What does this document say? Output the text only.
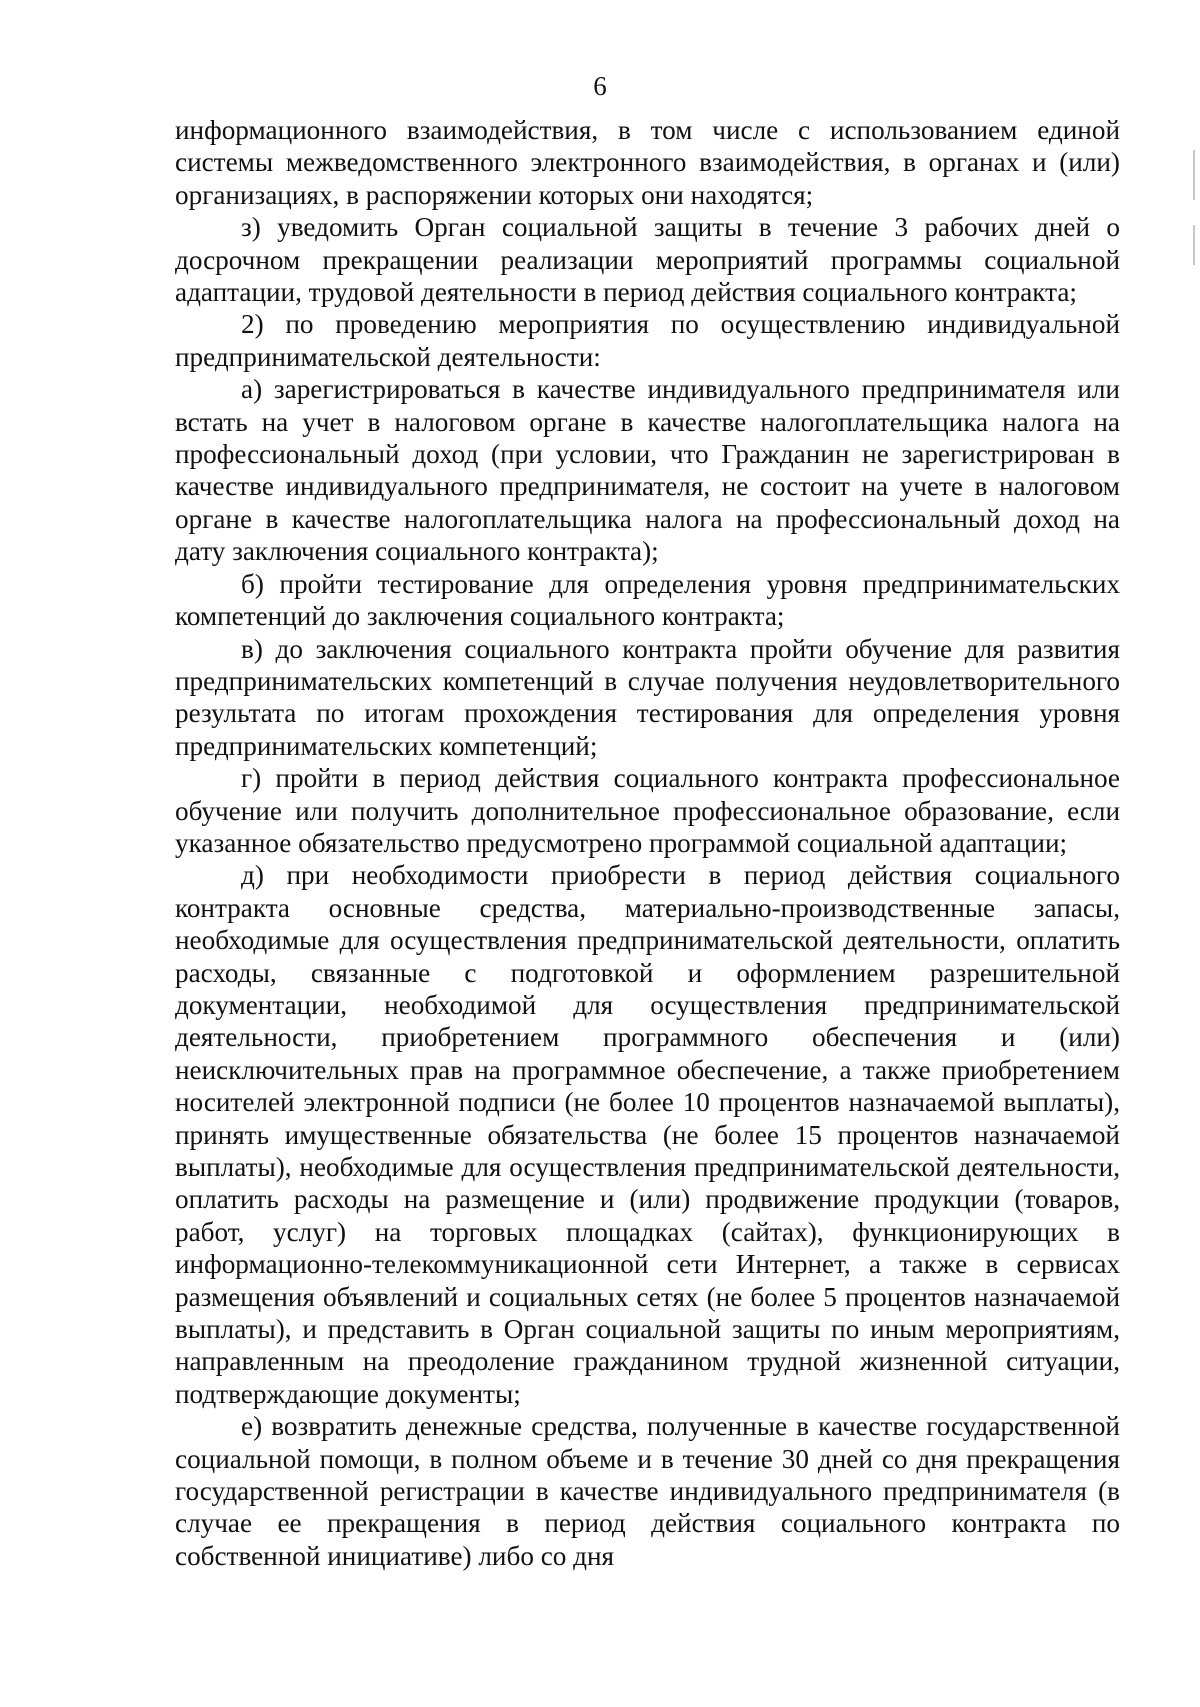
6

информационного взаимодействия, в том числе с использованием единой системы межведомственного электронного взаимодействия, в органах и (или) организациях, в распоряжении которых они находятся;

з) уведомить Орган социальной защиты в течение 3 рабочих дней о досрочном прекращении реализации мероприятий программы социальной адаптации, трудовой деятельности в период действия социального контракта;

2) по проведению мероприятия по осуществлению индивидуальной предпринимательской деятельности:

а) зарегистрироваться в качестве индивидуального предпринимателя или встать на учет в налоговом органе в качестве налогоплательщика налога на профессиональный доход (при условии, что Гражданин не зарегистрирован в качестве индивидуального предпринимателя, не состоит на учете в налоговом органе в качестве налогоплательщика налога на профессиональный доход на дату заключения социального контракта);

б) пройти тестирование для определения уровня предпринимательских компетенций до заключения социального контракта;

в) до заключения социального контракта пройти обучение для развития предпринимательских компетенций в случае получения неудовлетворительного результата по итогам прохождения тестирования для определения уровня предпринимательских компетенций;

г) пройти в период действия социального контракта профессиональное обучение или получить дополнительное профессиональное образование, если указанное обязательство предусмотрено программой социальной адаптации;

д) при необходимости приобрести в период действия социального контракта основные средства, материально-производственные запасы, необходимые для осуществления предпринимательской деятельности, оплатить расходы, связанные с подготовкой и оформлением разрешительной документации, необходимой для осуществления предпринимательской деятельности, приобретением программного обеспечения и (или) неисключительных прав на программное обеспечение, а также приобретением носителей электронной подписи (не более 10 процентов назначаемой выплаты), принять имущественные обязательства (не более 15 процентов назначаемой выплаты), необходимые для осуществления предпринимательской деятельности, оплатить расходы на размещение и (или) продвижение продукции (товаров, работ, услуг) на торговых площадках (сайтах), функционирующих в информационно-телекоммуникационной сети Интернет, а также в сервисах размещения объявлений и социальных сетях (не более 5 процентов назначаемой выплаты), и представить в Орган социальной защиты по иным мероприятиям, направленным на преодоление гражданином трудной жизненной ситуации, подтверждающие документы;

е) возвратить денежные средства, полученные в качестве государственной социальной помощи, в полном объеме и в течение 30 дней со дня прекращения государственной регистрации в качестве индивидуального предпринимателя (в случае ее прекращения в период действия социального контракта по собственной инициативе) либо со дня
